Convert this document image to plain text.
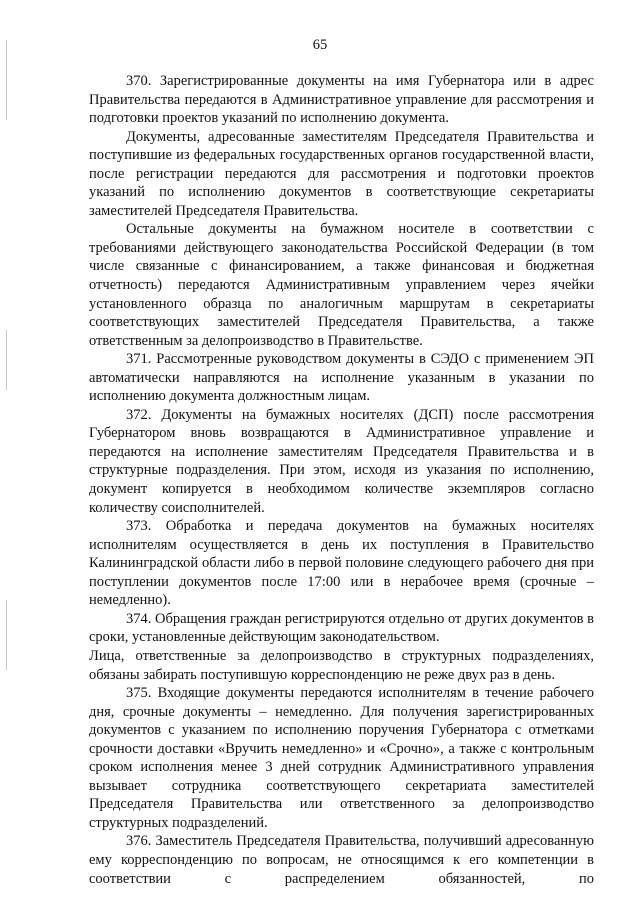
65

370. Зарегистрированные документы на имя Губернатора или в адрес Правительства передаются в Административное управление для рассмотрения и подготовки проектов указаний по исполнению документа.

Документы, адресованные заместителям Председателя Правительства и поступившие из федеральных государственных органов государственной власти, после регистрации передаются для рассмотрения и подготовки проектов указаний по исполнению документов в соответствующие секретариаты заместителей Председателя Правительства.

Остальные документы на бумажном носителе в соответствии с требованиями действующего законодательства Российской Федерации (в том числе связанные с финансированием, а также финансовая и бюджетная отчетность) передаются Административным управлением через ячейки установленного образца по аналогичным маршрутам в секретариаты соответствующих заместителей Председателя Правительства, а также ответственным за делопроизводство в Правительстве.

371. Рассмотренные руководством документы в СЭДО с применением ЭП автоматически направляются на исполнение указанным в указании по исполнению документа должностным лицам.

372. Документы на бумажных носителях (ДСП) после рассмотрения Губернатором вновь возвращаются в Административное управление и передаются на исполнение заместителям Председателя Правительства и в структурные подразделения. При этом, исходя из указания по исполнению, документ копируется в необходимом количестве экземпляров согласно количеству соисполнителей.

373. Обработка и передача документов на бумажных носителях исполнителям осуществляется в день их поступления в Правительство Калининградской области либо в первой половине следующего рабочего дня при поступлении документов после 17:00 или в нерабочее время (срочные – немедленно).

374. Обращения граждан регистрируются отдельно от других документов в сроки, установленные действующим законодательством.

Лица, ответственные за делопроизводство в структурных подразделениях, обязаны забирать поступившую корреспонденцию не реже двух раз в день.

375. Входящие документы передаются исполнителям в течение рабочего дня, срочные документы – немедленно. Для получения зарегистрированных документов с указанием по исполнению поручения Губернатора с отметками срочности доставки «Вручить немедленно» и «Срочно», а также с контрольным сроком исполнения менее 3 дней сотрудник Административного управления вызывает сотрудника соответствующего секретариата заместителей Председателя Правительства или ответственного за делопроизводство структурных подразделений.

376. Заместитель Председателя Правительства, получивший адресованную ему корреспонденцию по вопросам, не относящимся к его компетенции в соответствии с распределением обязанностей, по
